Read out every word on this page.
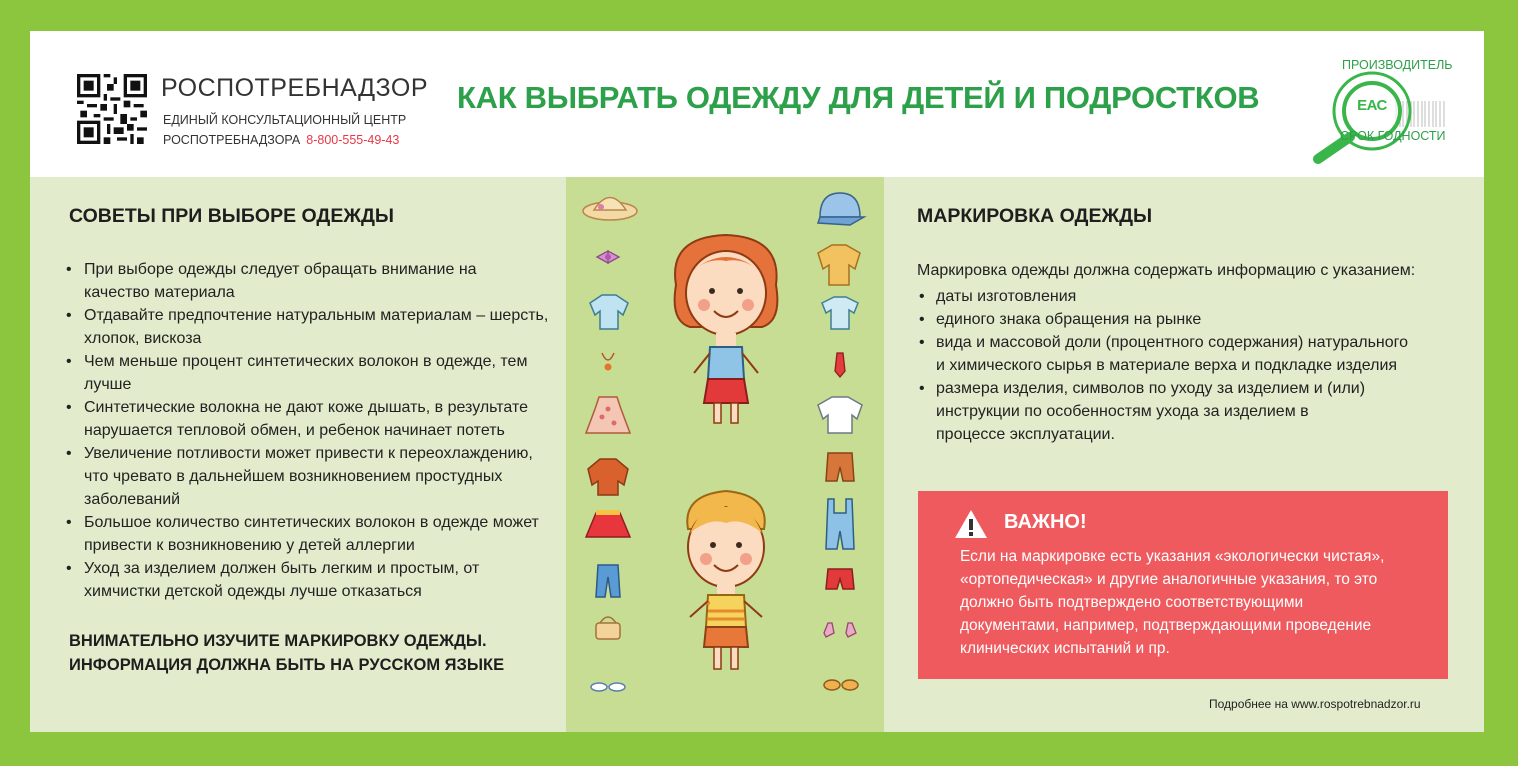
РОСПОТРЕБНАДЗОР
ЕДИНЫЙ КОНСУЛЬТАЦИОННЫЙ ЦЕНТР
РОСПОТРЕБНАДЗОРА 8-800-555-49-43
КАК ВЫБРАТЬ ОДЕЖДУ ДЛЯ ДЕТЕЙ И ПОДРОСТКОВ
ПРОИЗВОДИТЕЛЬ
ЕАС
СРОК ГОДНОСТИ
СОВЕТЫ ПРИ ВЫБОРЕ ОДЕЖДЫ
• При выборе одежды следует обращать внимание на качество материала
• Отдавайте предпочтение натуральным материалам – шерсть, хлопок, вискоза
• Чем меньше процент синтетических волокон в одежде, тем лучше
• Синтетические волокна не дают коже дышать, в результате нарушается тепловой обмен, и ребенок начинает потеть
• Увеличение потливости может привести к переохлаждению, что чревато в дальнейшем возникновением простудных заболеваний
• Большое количество синтетических волокон в одежде может привести к возникновению у детей аллергии
• Уход за изделием должен быть легким и простым, от химчистки детской одежды лучше отказаться
ВНИМАТЕЛЬНО ИЗУЧИТЕ МАРКИРОВКУ ОДЕЖДЫ. ИНФОРМАЦИЯ ДОЛЖНА БЫТЬ НА РУССКОМ ЯЗЫКЕ
МАРКИРОВКА ОДЕЖДЫ
Маркировка одежды должна содержать информацию с указанием:
• даты изготовления
• единого знака обращения на рынке
• вида и массовой доли (процентного содержания) натурального и химического сырья в материале верха и подкладке изделия
• размера изделия, символов по уходу за изделием и (или) инструкции по особенностям ухода за изделием в процессе эксплуатации.
ВАЖНО!
Если на маркировке есть указания «экологически чистая», «ортопедическая» и другие аналогичные указания, то это должно быть подтверждено соответствующими документами, например, подтверждающими проведение клинических испытаний и пр.
Подробнее на www.rospotrebnadzor.ru
